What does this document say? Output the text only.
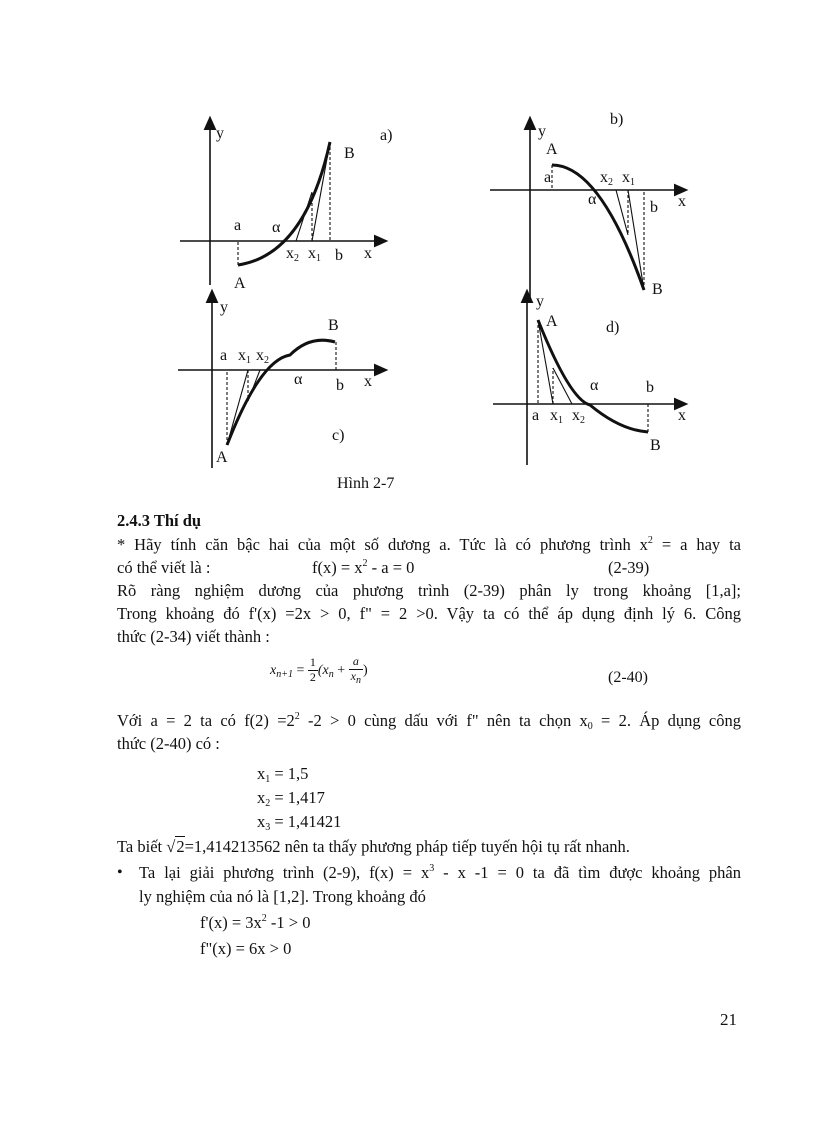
y	a)
B
a α
$x_2$ $x_1$ b x
A
y
b)
A
a	$x_2$ $x_1$
α	b x
B
y
B
a $x_1$ $x_2$
α b x
c)
A
y
A	d)
α	b
a $x_1$ $x_2$	x
B
Hình 2-7
2.4.3 Thí dụ
* Hãy tính căn bậc hai của một số dương a. Tức là có phương trình $x^2 = a$ hay ta
có thể viết là :	$f(x) = x^2 - a = 0$	(2-39)
Rõ ràng nghiệm dương của phương trình (2-39) phân ly trong khoảng [1,a];
Trong khoảng đó f'(x) =2x > 0, f" = 2 >0. Vậy ta có thể áp dụng định lý 6. Công
thức (2-34) viết thành :
$x_{n+1} = \frac{1}{2} (x_n + \frac{a}{x_n}$ )	(2-40)
Với a = 2 ta có $f(2) =2^2$ -2 > 0 cùng dấu với f" nên ta chọn $x_0 = 2$. Áp dụng công
thức (2-40) có :
$x_1 = 1,5$
$x_2 = 1,417$
$x_3 = 1,41421$
Ta biết √2=1,414213562 nên ta thấy phương pháp tiếp tuyến hội tụ rất nhanh.
• Ta lại giải phương trình (2-9), $f(x) = x^3 - x$ -1 = 0 ta đã tìm được khoảng phân
ly nghiệm của nó là [1,2]. Trong khoảng đó
$f'(x) = 3x^2$ -1 > 0
f"(x) = 6x > 0
21
